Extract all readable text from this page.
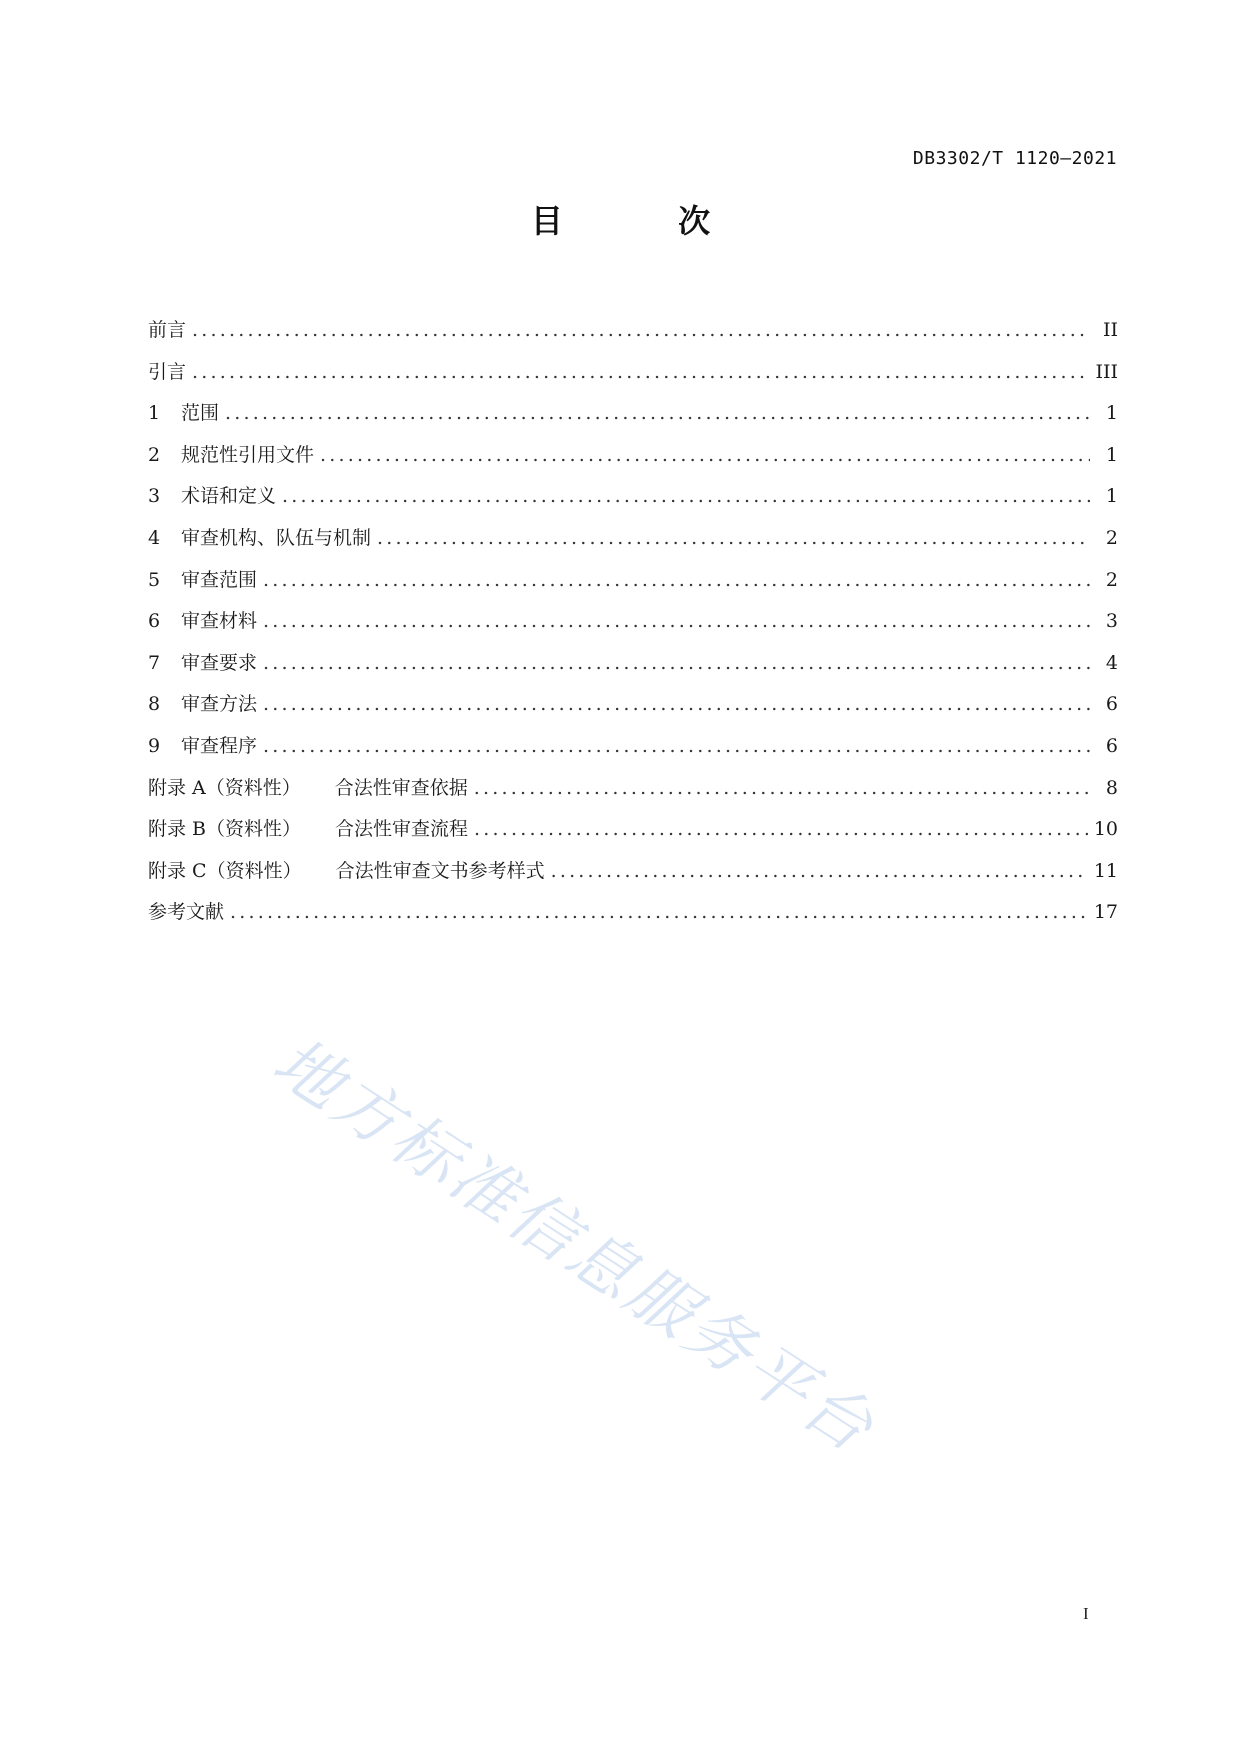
DB3302/T 1120—2021
目 次
前言 .....	II
引言 .....	III
1	范围 .....	1
2	规范性引用文件 .....	1
3	术语和定义 .....	1
4	审查机构、队伍与机制 .....	2
5	审查范围 .....	2
6	审查材料 .....	3
7	审查要求 .....	4
8	审查方法 .....	6
9	审查程序 .....	6
附录 A（资料性） 合法性审查依据 .....	8
附录 B（资料性） 合法性审查流程 .....	10
附录 C（资料性） 合法性审查文书参考样式 .....	11
参考文献 .....	17
地方标准信息服务平台
I
